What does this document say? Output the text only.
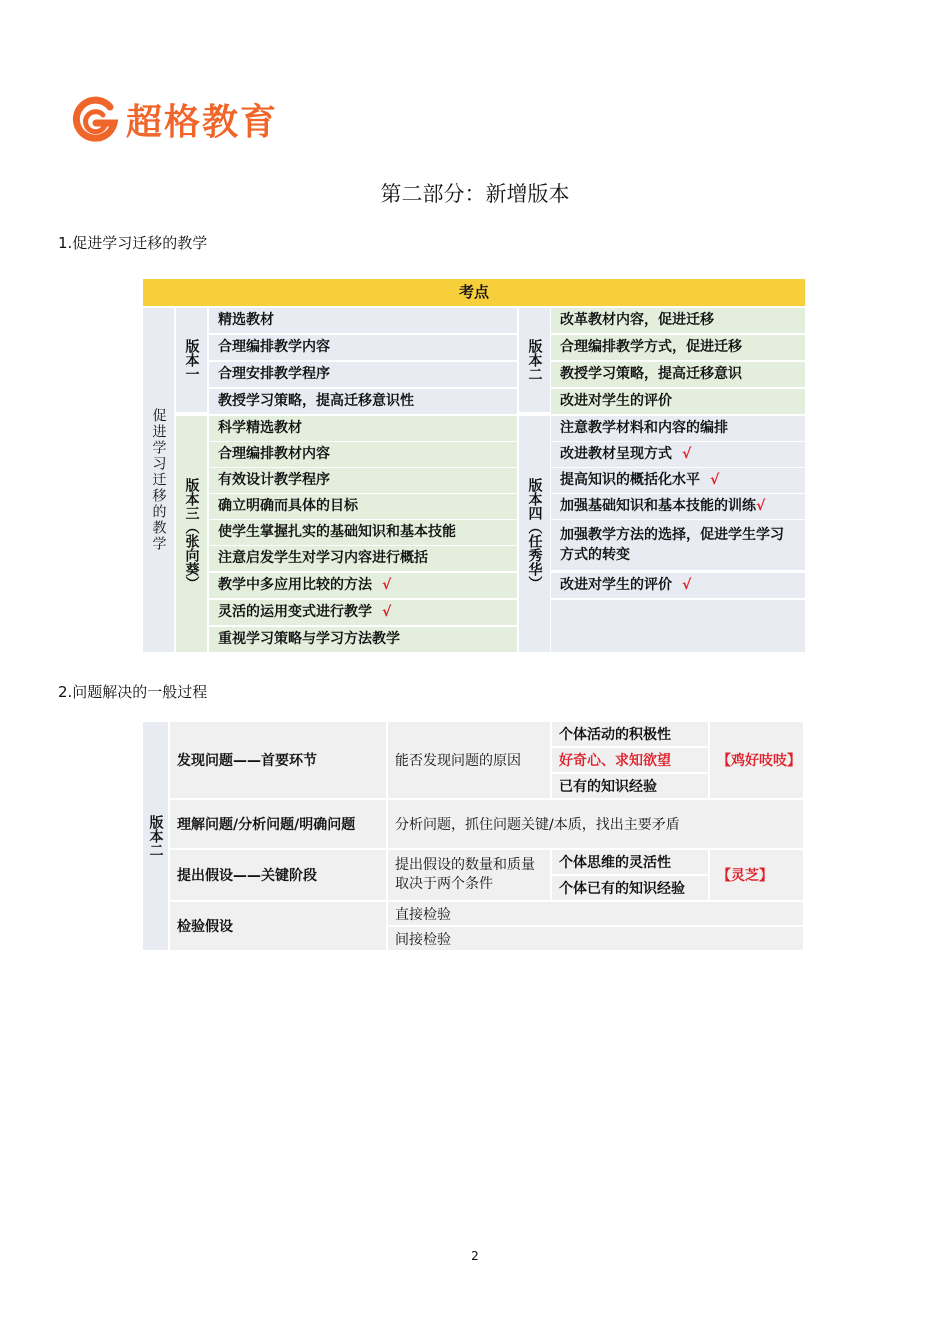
超格教育
第二部分：新增版本
1.促进学习迁移的教学
考点
促进学习迁移的教学
版本一
精选教材
合理编排教学内容
合理安排教学程序
教授学习策略，提高迁移意识性
版本二
改革教材内容，促进迁移
合理编排教学方式，促进迁移
教授学习策略，提高迁移意识
改进对学生的评价
版本三（张向葵）
科学精选教材
合理编排教材内容
有效设计教学程序
确立明确而具体的目标
使学生掌握扎实的基础知识和基本技能
注意启发学生对学习内容进行概括
教学中多应用比较的方法 √
灵活的运用变式进行教学 √
重视学习策略与学习方法教学
版本四（任秀华）
注意教学材料和内容的编排
改进教材呈现方式 √
提高知识的概括化水平 √
加强基础知识和基本技能的训练√
加强教学方法的选择，促进学生学习方式的转变
改进对学生的评价 √
2.问题解决的一般过程
版本二
发现问题——首要环节	能否发现问题的原因
个体活动的积极性
好奇心、求知欲望
已有的知识经验
【鸡好吱吱】
理解问题/分析问题/明确问题	分析问题，抓住问题关键/本质，找出主要矛盾
提出假设——关键阶段
提出假设的数量和质量取决于两个条件
个体思维的灵活性
个体已有的知识经验
【灵芝】
检验假设
直接检验
间接检验
2
